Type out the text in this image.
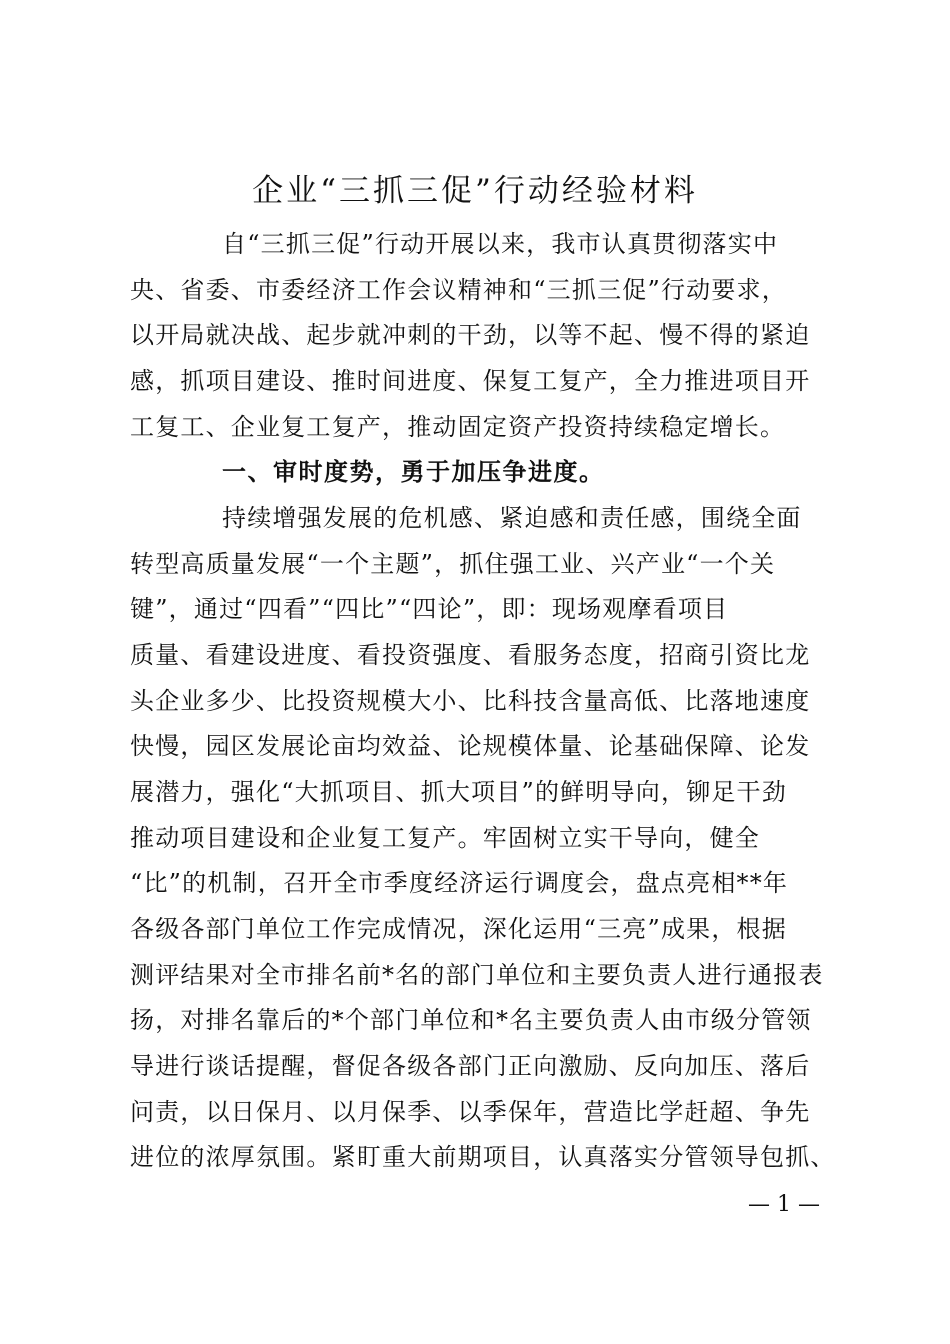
企业“三抓三促”行动经验材料
自“三抓三促”行动开展以来，我市认真贯彻落实中
央、省委、市委经济工作会议精神和“三抓三促”行动要求，
以开局就决战、起步就冲刺的干劲，以等不起、慢不得的紧迫
感，抓项目建设、推时间进度、保复工复产，全力推进项目开
工复工、企业复工复产，推动固定资产投资持续稳定增长。
一、审时度势，勇于加压争进度。
持续增强发展的危机感、紧迫感和责任感，围绕全面
转型高质量发展“一个主题”，抓住强工业、兴产业“一个关
键”，通过“四看”“四比”“四论”，即：现场观摩看项目
质量、看建设进度、看投资强度、看服务态度，招商引资比龙
头企业多少、比投资规模大小、比科技含量高低、比落地速度
快慢，园区发展论亩均效益、论规模体量、论基础保障、论发
展潜力，强化“大抓项目、抓大项目”的鲜明导向，铆足干劲
推动项目建设和企业复工复产。牢固树立实干导向，健全
“比”的机制，召开全市季度经济运行调度会，盘点亮相**年
各级各部门单位工作完成情况，深化运用“三亮”成果，根据
测评结果对全市排名前*名的部门单位和主要负责人进行通报表
扬，对排名靠后的*个部门单位和*名主要负责人由市级分管领
导进行谈话提醒，督促各级各部门正向激励、反向加压、落后
问责，以日保月、以月保季、以季保年，营造比学赶超、争先
进位的浓厚氛围。紧盯重大前期项目，认真落实分管领导包抓、
— 1 —
